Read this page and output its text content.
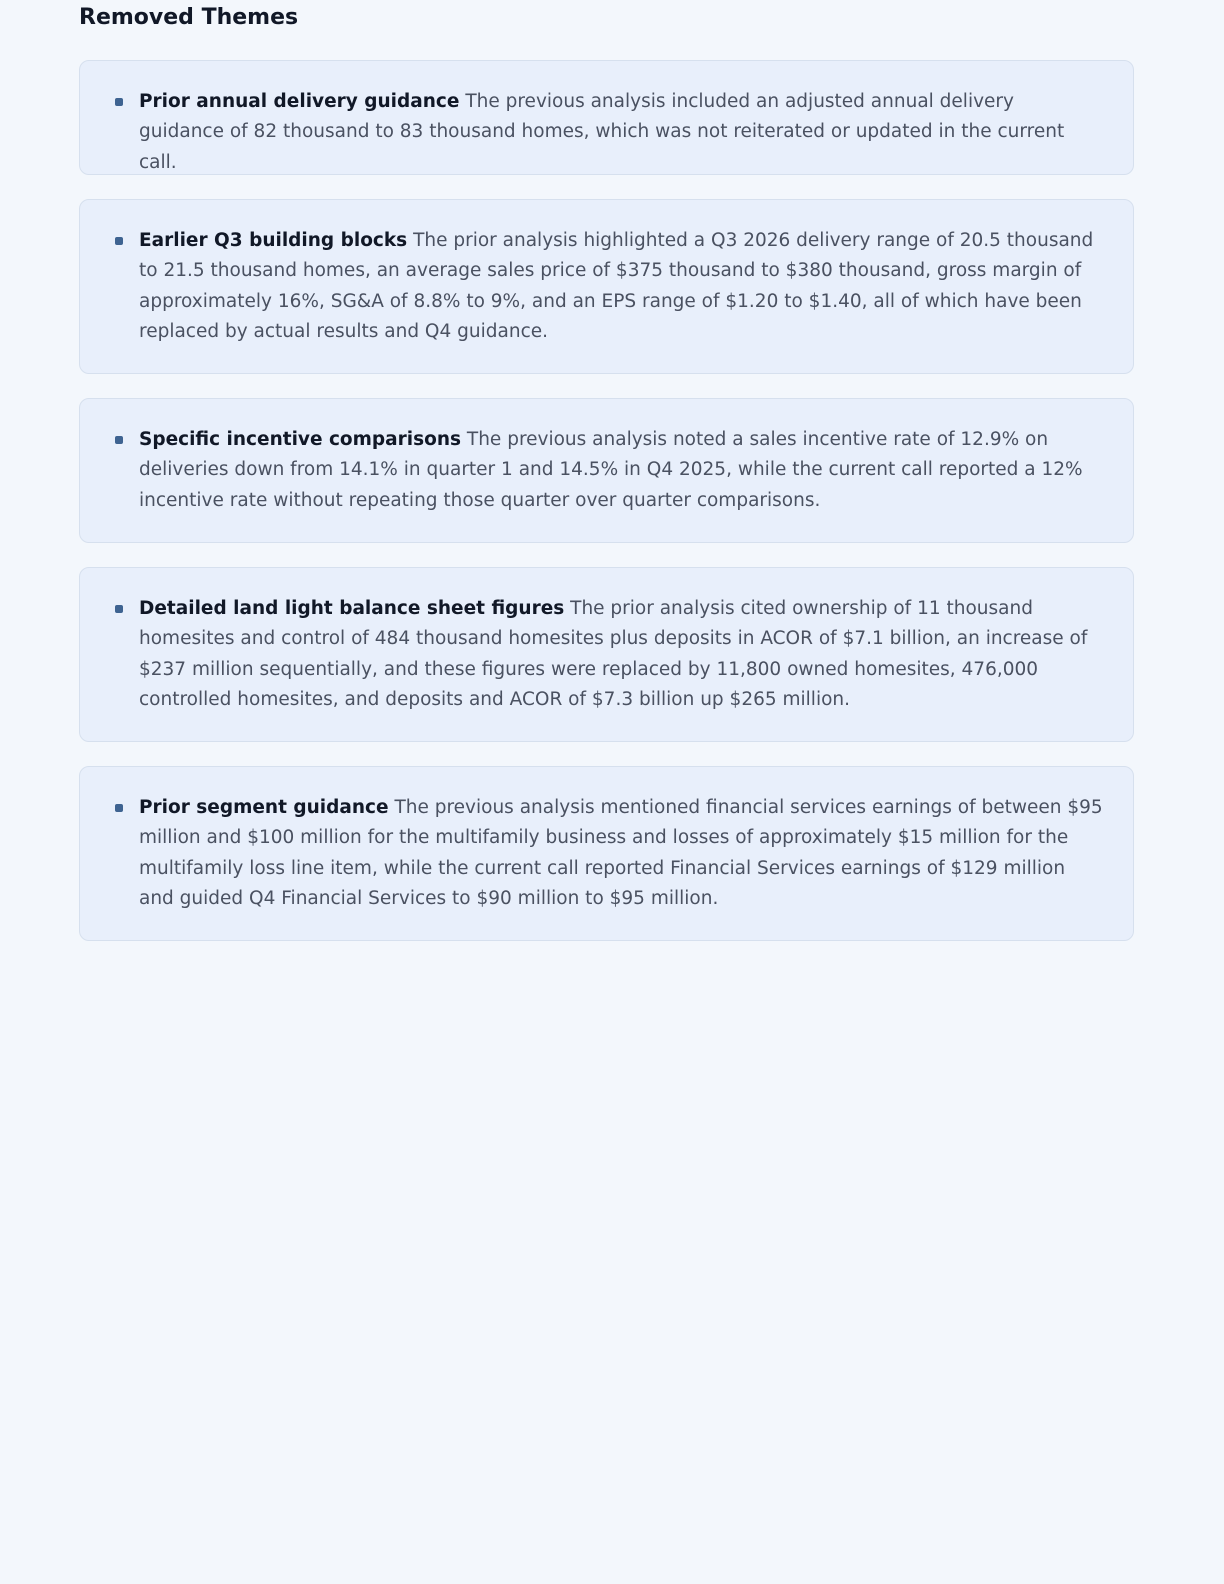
Removed Themes
Prior annual delivery guidance The previous analysis included an adjusted annual delivery guidance of 82 thousand to 83 thousand homes, which was not reiterated or updated in the current call.
Earlier Q3 building blocks The prior analysis highlighted a Q3 2026 delivery range of 20.5 thousand to 21.5 thousand homes, an average sales price of $375 thousand to $380 thousand, gross margin of approximately 16%, SG&A of 8.8% to 9%, and an EPS range of $1.20 to $1.40, all of which have been replaced by actual results and Q4 guidance.
Specific incentive comparisons The previous analysis noted a sales incentive rate of 12.9% on deliveries down from 14.1% in quarter 1 and 14.5% in Q4 2025, while the current call reported a 12% incentive rate without repeating those quarter over quarter comparisons.
Detailed land light balance sheet figures The prior analysis cited ownership of 11 thousand homesites and control of 484 thousand homesites plus deposits in ACOR of $7.1 billion, an increase of $237 million sequentially, and these figures were replaced by 11,800 owned homesites, 476,000 controlled homesites, and deposits and ACOR of $7.3 billion up $265 million.
Prior segment guidance The previous analysis mentioned financial services earnings of between $95 million and $100 million for the multifamily business and losses of approximately $15 million for the multifamily loss line item, while the current call reported Financial Services earnings of $129 million and guided Q4 Financial Services to $90 million to $95 million.
